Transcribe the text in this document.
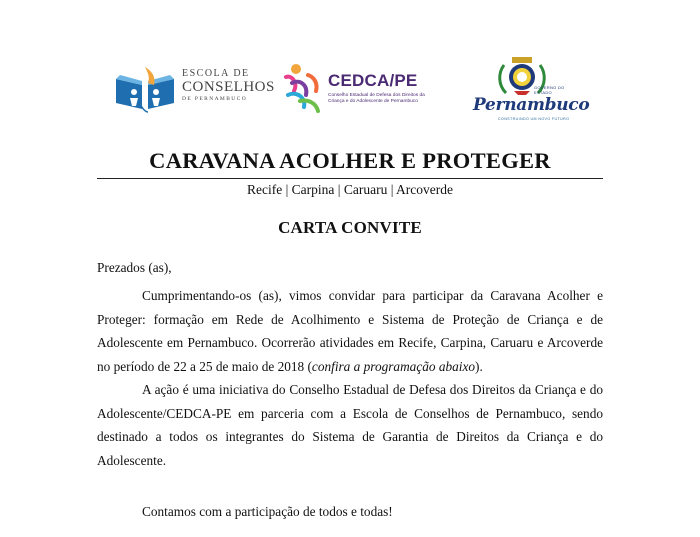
ESCOLA DE
CONSELHOS
DE PERNAMBUCO
CEDCA/PE
Conselho Estadual de Defesa dos Direitos da Criança e do Adolescente de Pernambuco
GOVERNO DO ESTADO
Pernambuco
CONSTRUINDO UM NOVO FUTURO
CARAVANA ACOLHER E PROTEGER
Recife | Carpina | Caruaru | Arcoverde
CARTA CONVITE
Prezados (as),
Cumprimentando-os (as), vimos convidar para participar da Caravana Acolher e Proteger: formação em Rede de Acolhimento e Sistema de Proteção de Criança e de Adolescente em Pernambuco. Ocorrerão atividades em Recife, Carpina, Caruaru e Arcoverde no período de 22 a 25 de maio de 2018 (confira a programação abaixo).
A ação é uma iniciativa do Conselho Estadual de Defesa dos Direitos da Criança e do Adolescente/CEDCA-PE em parceria com a Escola de Conselhos de Pernambuco, sendo destinado a todos os integrantes do Sistema de Garantia de Direitos da Criança e do Adolescente.
Contamos com a participação de todos e todas!
